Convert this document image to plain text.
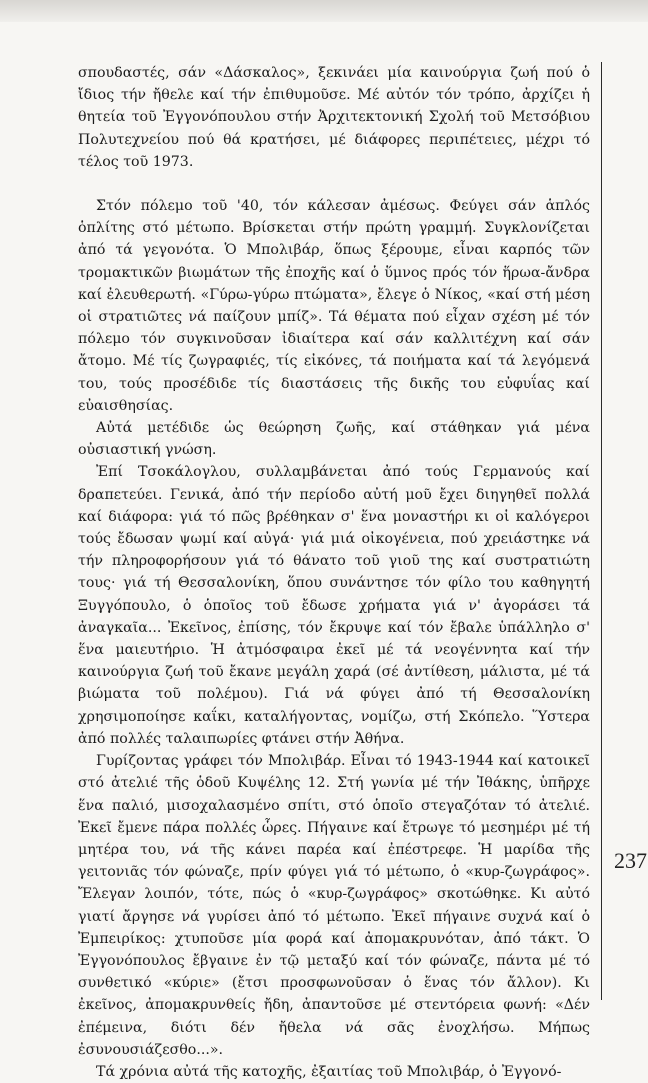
σπουδαστές, σάν «Δάσκαλος», ξεκινάει μία καινούργια ζωή πού ὁ ἴδιος τήν ἤθελε καί τήν ἐπιθυμοῦσε. Μέ αὐτόν τόν τρόπο, ἀρχίζει ἡ θητεία τοῦ Ἐγγονόπουλου στήν Ἀρχιτεκτονική Σχολή τοῦ Μετσόβιου Πολυτεχνείου πού θά κρατήσει, μέ διάφορες περιπέτειες, μέχρι τό τέλος τοῦ 1973.

Στόν πόλεμο τοῦ '40, τόν κάλεσαν ἀμέσως. Φεύγει σάν ἁπλός ὁπλίτης στό μέτωπο. Βρίσκεται στήν πρώτη γραμμή. Συγκλονίζεται ἀπό τά γεγονότα. Ὁ Μπολιβάρ, ὅπως ξέρουμε, εἶναι καρπός τῶν τρομακτικῶν βιωμάτων τῆς ἐποχῆς καί ὁ ὕμνος πρός τόν ἥρωα-ἄνδρα καί ἐλευθερωτή. «Γύρω-γύρω πτώματα», ἔλεγε ὁ Νίκος, «καί στή μέση οἱ στρατιῶτες νά παίζουν μπίζ». Τά θέματα πού εἶχαν σχέση μέ τόν πόλεμο τόν συγκινοῦσαν ἰδιαίτερα καί σάν καλλιτέχνη καί σάν ἄτομο. Μέ τίς ζωγραφιές, τίς εἰκόνες, τά ποιήματα καί τά λεγόμενά του, τούς προσέδιδε τίς διαστάσεις τῆς δικῆς του εὐφυΐας καί εὐαισθησίας.

Αὐτά μετέδιδε ὡς θεώρηση ζωῆς, καί στάθηκαν γιά μένα οὐσιαστική γνώση.

Ἐπί Τσοκάλογλου, συλλαμβάνεται ἀπό τούς Γερμανούς καί δραπετεύει. Γενικά, ἀπό τήν περίοδο αὐτή μοῦ ἔχει διηγηθεῖ πολλά καί διάφορα: γιά τό πῶς βρέθηκαν σ' ἕνα μοναστήρι κι οἱ καλόγεροι τούς ἔδωσαν ψωμί καί αὐγά· γιά μιά οἰκογένεια, πού χρειάστηκε νά τήν πληροφορήσουν γιά τό θάνατο τοῦ γιοῦ της καί συστρατιώτη τους· γιά τή Θεσσαλονίκη, ὅπου συνάντησε τόν φίλο του καθηγητή Ξυγγόπουλο, ὁ ὁποῖος τοῦ ἔδωσε χρήματα γιά ν' ἀγοράσει τά ἀναγκαῖα... Ἐκεῖνος, ἐπίσης, τόν ἔκρυψε καί τόν ἔβαλε ὑπάλληλο σ' ἕνα μαιευτήριο. Ἡ ἀτμόσφαιρα ἐκεῖ μέ τά νεογέννητα καί τήν καινούργια ζωή τοῦ ἔκανε μεγάλη χαρά (σέ ἀντίθεση, μάλιστα, μέ τά βιώματα τοῦ πολέμου). Γιά νά φύγει ἀπό τή Θεσσαλονίκη χρησιμοποίησε καΐκι, καταλήγοντας, νομίζω, στή Σκόπελο. Ὕστερα ἀπό πολλές ταλαιπωρίες φτάνει στήν Ἀθήνα.

Γυρίζοντας γράφει τόν Μπολιβάρ. Εἶναι τό 1943-1944 καί κατοικεῖ στό ἀτελιέ τῆς ὁδοῦ Κυψέλης 12. Στή γωνία μέ τήν Ἰθάκης, ὑπῆρχε ἕνα παλιό, μισοχαλασμένο σπίτι, στό ὁποῖο στεγαζόταν τό ἀτελιέ. Ἐκεῖ ἔμενε πάρα πολλές ὧρες. Πήγαινε καί ἔτρωγε τό μεσημέρι μέ τή μητέρα του, νά τῆς κάνει παρέα καί ἐπέστρεφε. Ἡ μαρίδα τῆς γειτονιᾶς τόν φώναζε, πρίν φύγει γιά τό μέτωπο, ὁ «κυρ-ζωγράφος». Ἔλεγαν λοιπόν, τότε, πώς ὁ «κυρ-ζωγράφος» σκοτώθηκε. Κι αὐτό γιατί ἄργησε νά γυρίσει ἀπό τό μέτωπο. Ἐκεῖ πήγαινε συχνά καί ὁ Ἐμπειρίκος: χτυποῦσε μία φορά καί ἀπομακρυνόταν, ἀπό τάκτ. Ὁ Ἐγγονόπουλος ἔβγαινε ἐν τῷ μεταξύ καί τόν φώναζε, πάντα μέ τό συνθετικό «κύριε» (ἔτσι προσφωνοῦσαν ὁ ἕνας τόν ἄλλον). Κι ἐκεῖνος, ἀπομακρυνθείς ἤδη, ἀπαντοῦσε μέ στεντόρεια φωνή: «Δέν ἐπέμεινα, διότι δέν ἤθελα νά σᾶς ἐνοχλήσω. Μήπως ἐσυνουσιάζεσθο...».

Τά χρόνια αὐτά τῆς κατοχῆς, ἐξαιτίας τοῦ Μπολιβάρ, ὁ Ἐγγονό-

237
